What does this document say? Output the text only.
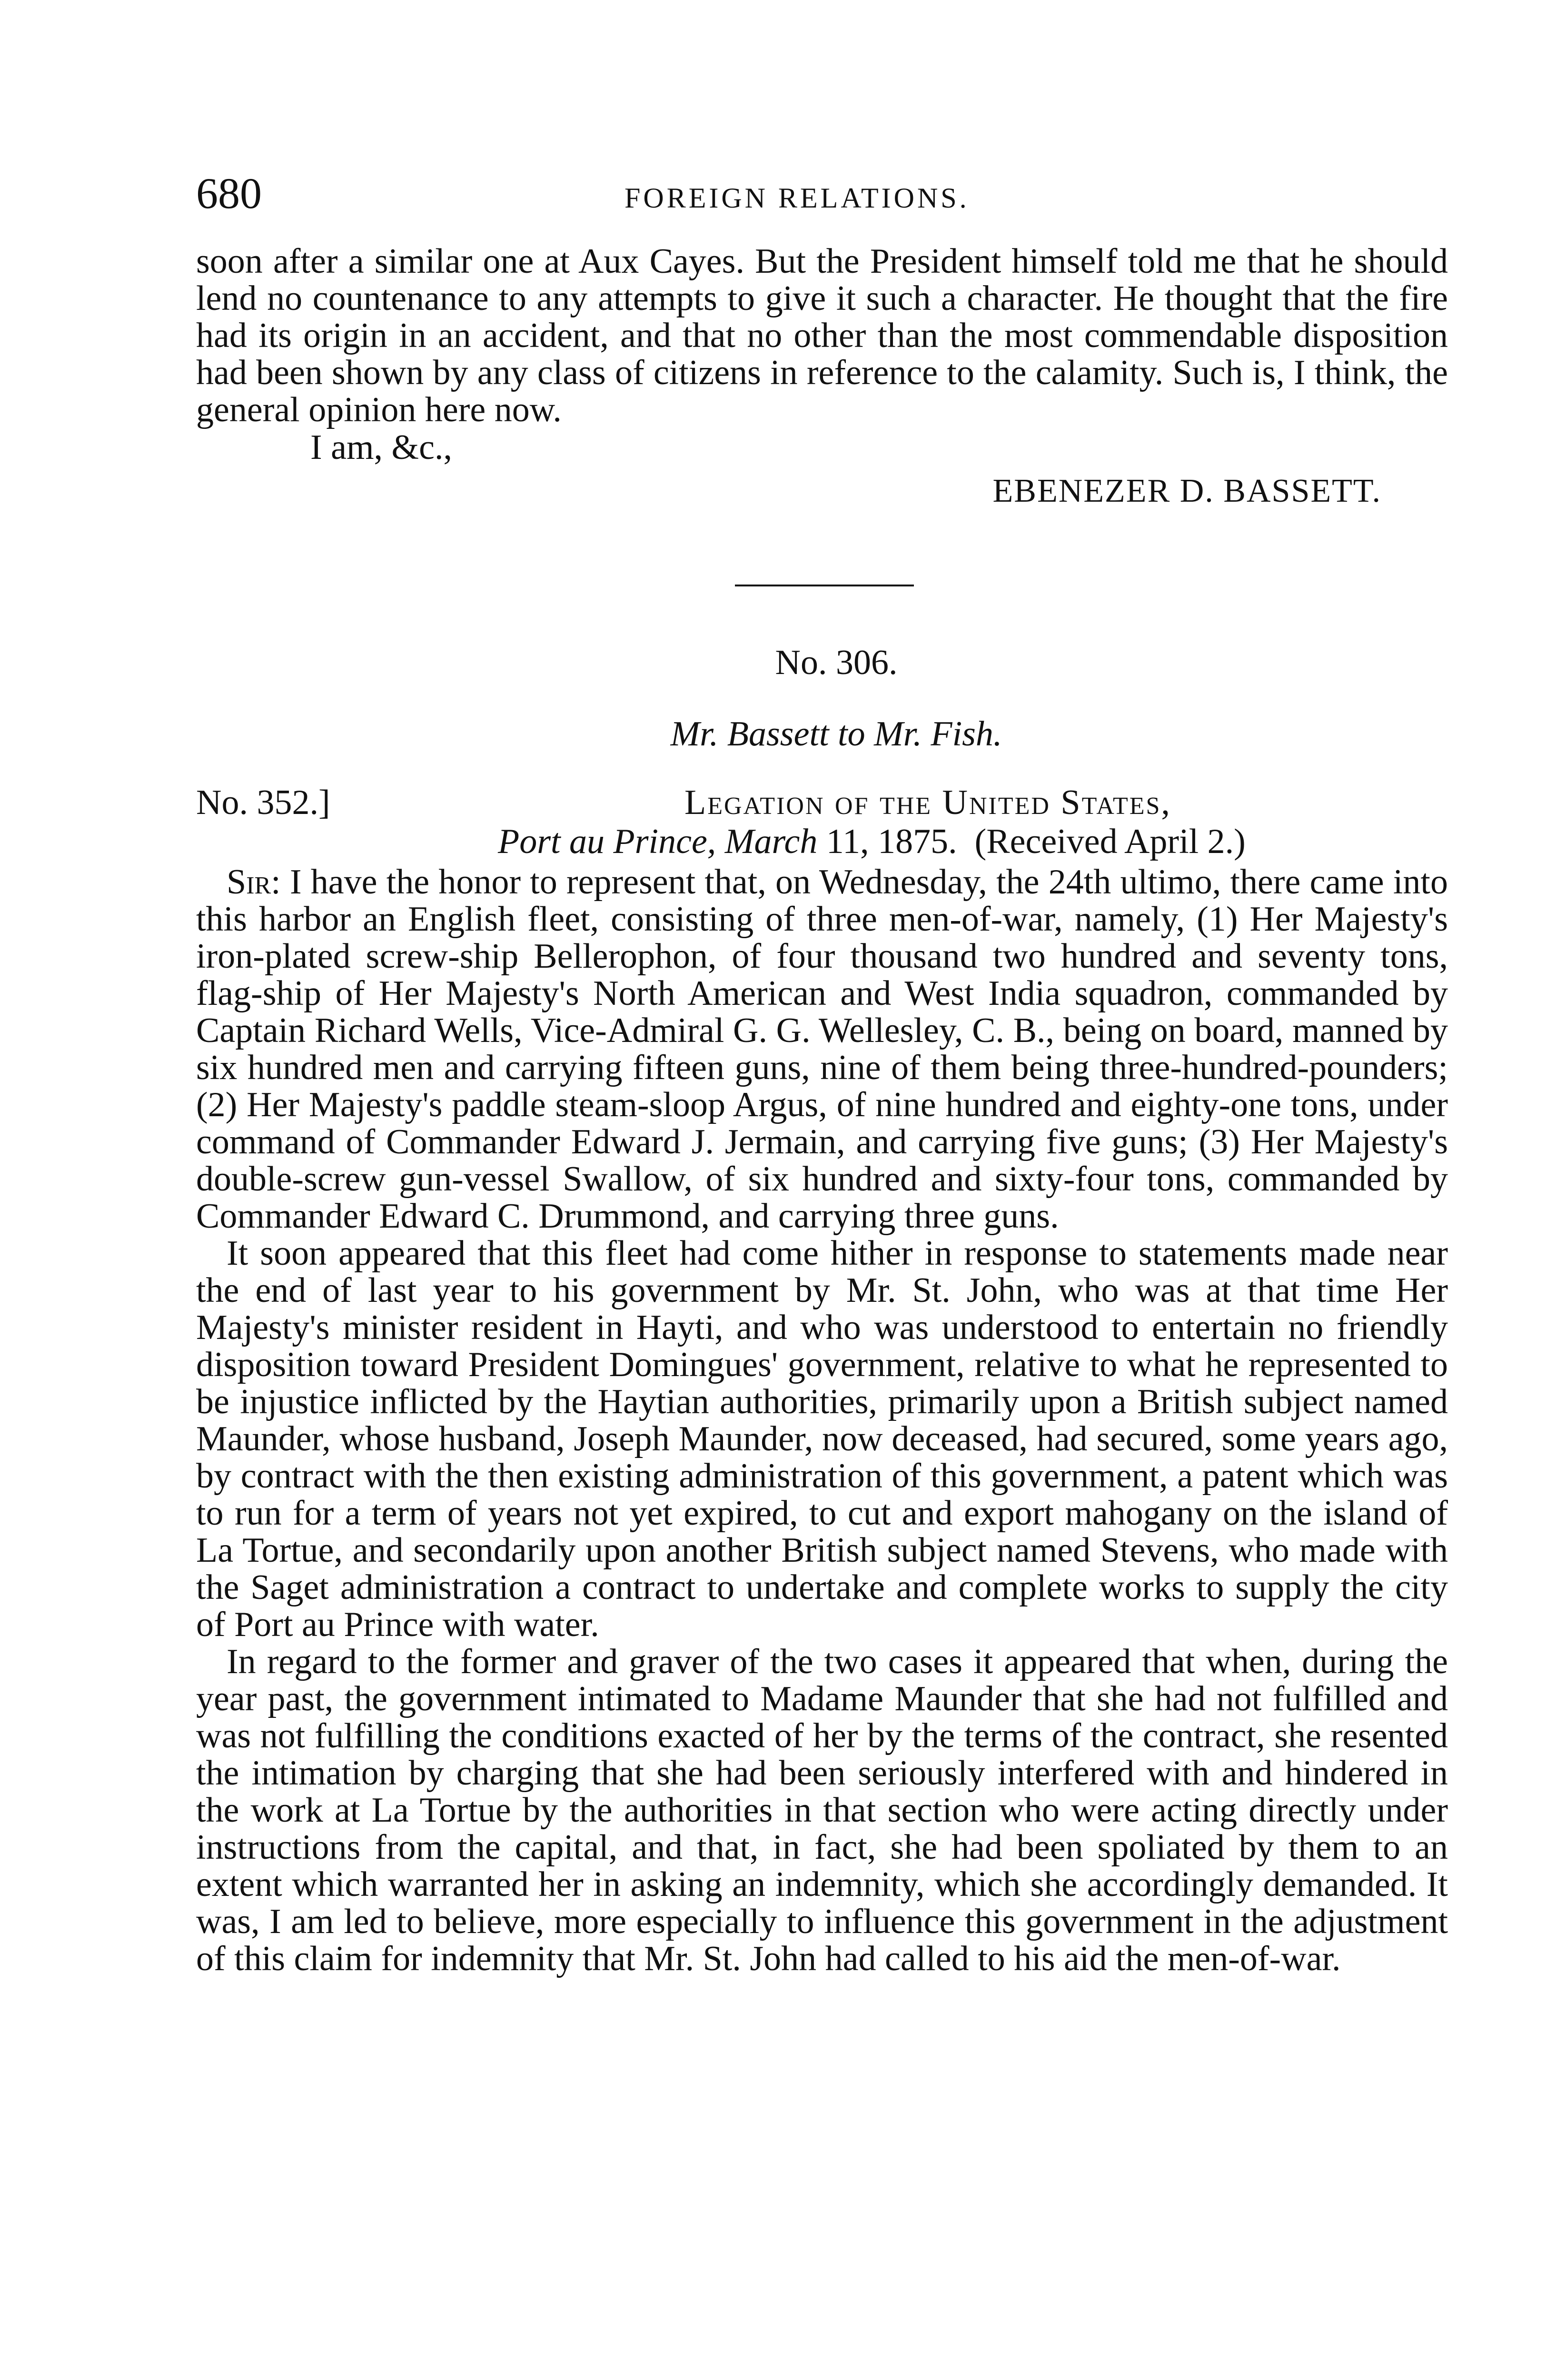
680	FOREIGN RELATIONS.

soon after a similar one at Aux Cayes. But the President himself told me that he should lend no countenance to any attempts to give it such a character. He thought that the fire had its origin in an accident, and that no other than the most commendable disposition had been shown by any class of citizens in reference to the calamity. Such is, I think, the general opinion here now.

I am, &c.,

EBENEZER D. BASSETT.

No. 306.

Mr. Bassett to Mr. Fish.

No. 352.]	Legation of the United States,
Port au Prince, March 11, 1875. (Received April 2.)

Sir: I have the honor to represent that, on Wednesday, the 24th ultimo, there came into this harbor an English fleet, consisting of three men-of-war, namely, (1) Her Majesty's iron-plated screw-ship Bellerophon, of four thousand two hundred and seventy tons, flag-ship of Her Majesty's North American and West India squadron, commanded by Captain Richard Wells, Vice-Admiral G. G. Wellesley, C. B., being on board, manned by six hundred men and carrying fifteen guns, nine of them being three-hundred-pounders; (2) Her Majesty's paddle steam-sloop Argus, of nine hundred and eighty-one tons, under command of Commander Edward J. Jermain, and carrying five guns; (3) Her Majesty's double-screw gun-vessel Swallow, of six hundred and sixty-four tons, commanded by Commander Edward C. Drummond, and carrying three guns.

It soon appeared that this fleet had come hither in response to statements made near the end of last year to his government by Mr. St. John, who was at that time Her Majesty's minister resident in Hayti, and who was understood to entertain no friendly disposition toward President Domingues' government, relative to what he represented to be injustice inflicted by the Haytian authorities, primarily upon a British subject named Maunder, whose husband, Joseph Maunder, now deceased, had secured, some years ago, by contract with the then existing administration of this government, a patent which was to run for a term of years not yet expired, to cut and export mahogany on the island of La Tortue, and secondarily upon another British subject named Stevens, who made with the Saget administration a contract to undertake and complete works to supply the city of Port au Prince with water.

In regard to the former and graver of the two cases it appeared that when, during the year past, the government intimated to Madame Maunder that she had not fulfilled and was not fulfilling the conditions exacted of her by the terms of the contract, she resented the intimation by charging that she had been seriously interfered with and hindered in the work at La Tortue by the authorities in that section who were acting directly under instructions from the capital, and that, in fact, she had been spoliated by them to an extent which warranted her in asking an indemnity, which she accordingly demanded. It was, I am led to believe, more especially to influence this government in the adjustment of this claim for indemnity that Mr. St. John had called to his aid the men-of-war.
